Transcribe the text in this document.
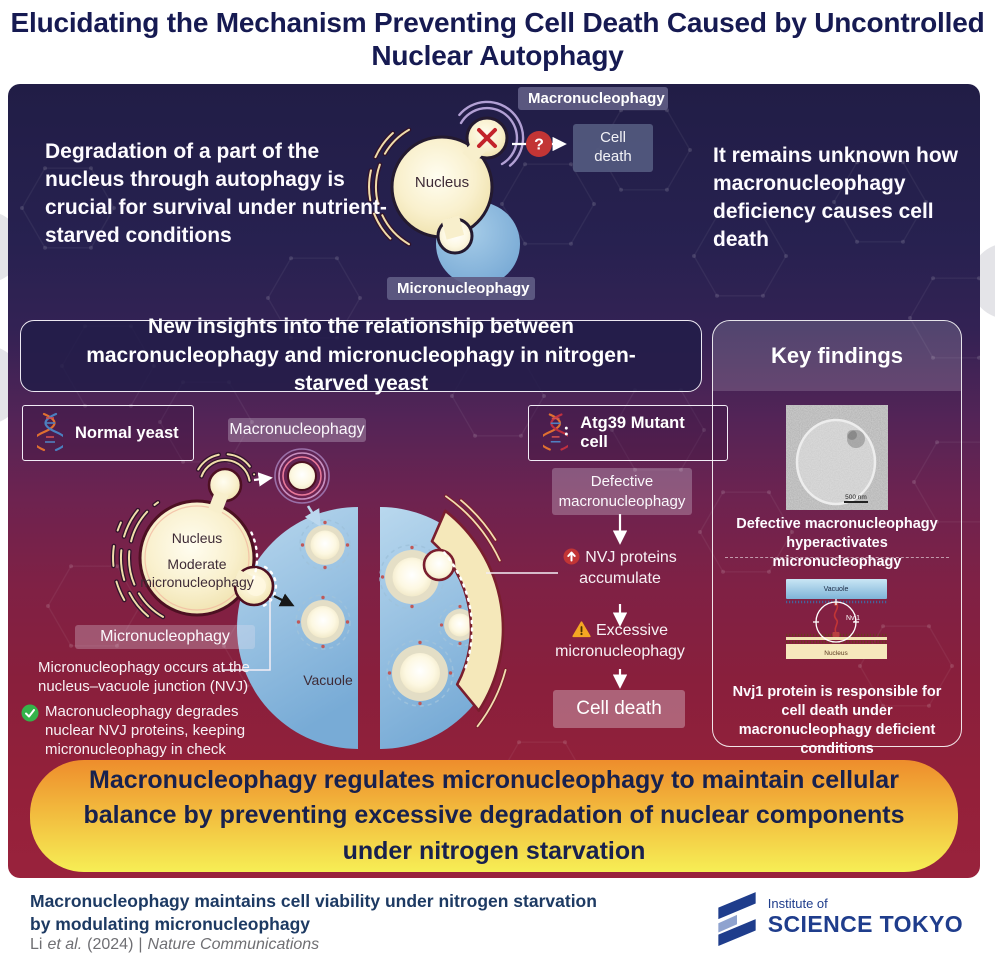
Elucidating the Mechanism Preventing Cell Death Caused by Uncontrolled Nuclear Autophagy
?
Degradation of a part of the nucleus through autophagy is crucial for survival under nutrient-starved conditions
It remains unknown how macronucleophagy deficiency causes cell death
Macronucleophagy
Cell death
Micronucleophagy
Nucleus
New insights into the relationship between macronucleophagy and micronucleophagy in nitrogen-starved yeast
Normal yeast	Macronucleophagy	Atg39 Mutant cell
Defective macronucleophagy
Nucleus
Moderate micronucleophagy
Vacuole
Micronucleophagy
Micronucleophagy occurs at the nucleus–vacuole junction (NVJ)
Macronucleophagy degrades nuclear NVJ proteins, keeping micronucleophagy in check
NVJ proteins accumulate
Excessive micronucleophagy
Cell death
Key findings
500 nm
Defective macronucleophagy hyperactivates micronucleophagy
Vacuole
Nucleus
Nvj1
Nvj1 protein is responsible for cell death under macronucleophagy deficient conditions
Macronucleophagy regulates micronucleophagy to maintain cellular balance by preventing excessive degradation of nuclear components under nitrogen starvation
Macronucleophagy maintains cell viability under nitrogen starvation by modulating micronucleophagy
Li et al. (2024) | Nature Communications
Institute of
SCIENCE TOKYO
